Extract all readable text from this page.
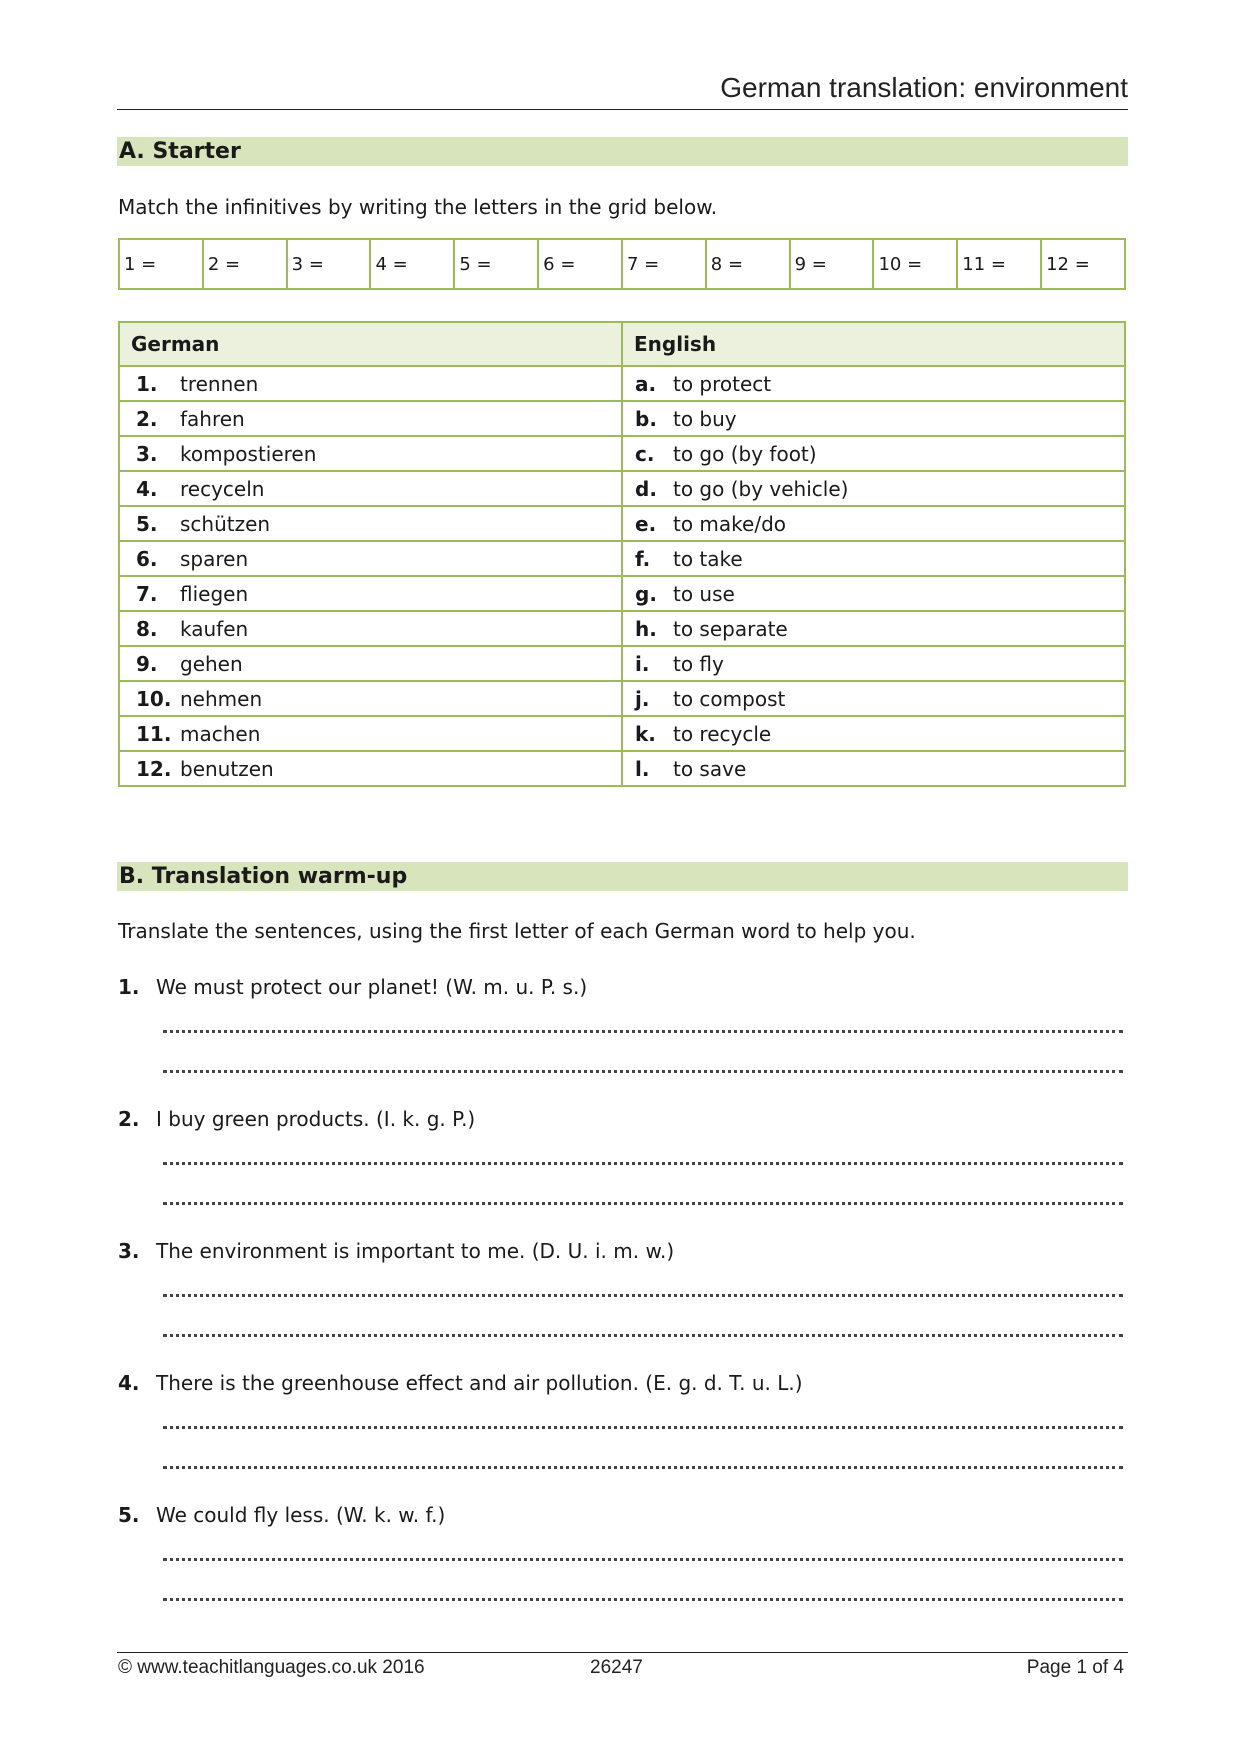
German translation: environment
A. Starter
Match the infinitives by writing the letters in the grid below.
1 =	2 =	3 =	4 =	5 =	6 =	7 =	8 =	9 =	10 =	11 =	12 =
German	English

1. trennen	a. to protect

2. fahren	b. to buy

3. kompostieren	c. to go (by foot)

4. recyceln	d. to go (by vehicle)

5. schützen	e. to make/do

6. sparen	f. to take

7. fliegen	g. to use

8. kaufen	h. to separate

9. gehen	i. to fly

10. nehmen	j. to compost

11. machen	k. to recycle

12. benutzen	l. to save
B. Translation warm-up
Translate the sentences, using the first letter of each German word to help you.
1. We must protect our planet! (W. m. u. P. s.)
2. I buy green products. (I. k. g. P.)
3. The environment is important to me. (D. U. i. m. w.)
4. There is the greenhouse effect and air pollution. (E. g. d. T. u. L.)
5. We could fly less. (W. k. w. f.)
© www.teachitlanguages.co.uk 2016	26247	Page 1 of 4
